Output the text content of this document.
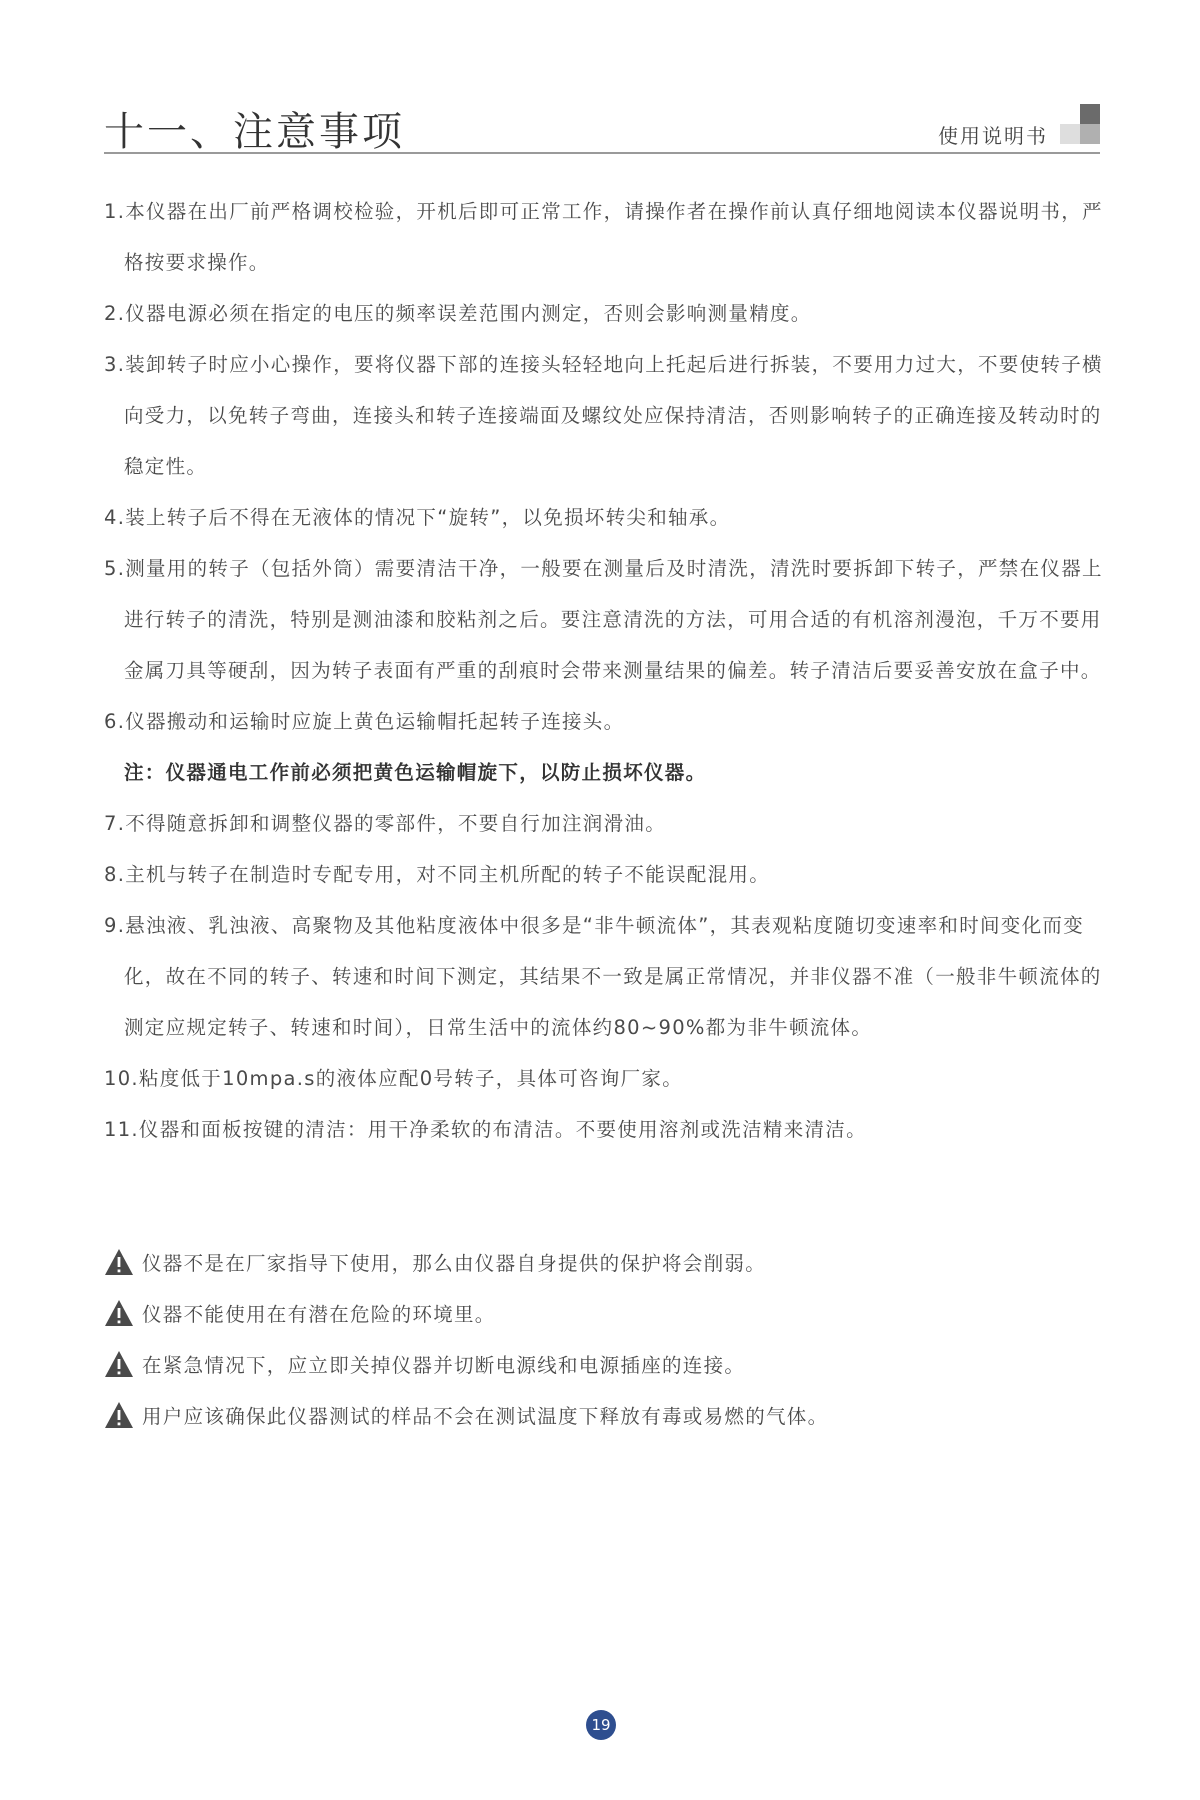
十一、注意事项	使用说明书
1.本仪器在出厂前严格调校检验，开机后即可正常工作，请操作者在操作前认真仔细地阅读本仪器说明书，严格按要求操作。
2.仪器电源必须在指定的电压的频率误差范围内测定，否则会影响测量精度。
3.装卸转子时应小心操作，要将仪器下部的连接头轻轻地向上托起后进行拆装，不要用力过大，不要使转子横向受力，以免转子弯曲，连接头和转子连接端面及螺纹处应保持清洁，否则影响转子的正确连接及转动时的稳定性。
4.装上转子后不得在无液体的情况下“旋转”，以免损坏转尖和轴承。
5.测量用的转子（包括外筒）需要清洁干净，一般要在测量后及时清洗，清洗时要拆卸下转子，严禁在仪器上进行转子的清洗，特别是测油漆和胶粘剂之后。要注意清洗的方法，可用合适的有机溶剂漫泡，千万不要用金属刀具等硬刮，因为转子表面有严重的刮痕时会带来测量结果的偏差。转子清洁后要妥善安放在盒子中。
6.仪器搬动和运输时应旋上黄色运输帽托起转子连接头。
注：仪器通电工作前必须把黄色运输帽旋下，以防止损坏仪器。
7.不得随意拆卸和调整仪器的零部件，不要自行加注润滑油。
8.主机与转子在制造时专配专用，对不同主机所配的转子不能误配混用。
9.悬浊液、乳浊液、高聚物及其他粘度液体中很多是“非牛顿流体”，其表观粘度随切变速率和时间变化而变化，故在不同的转子、转速和时间下测定，其结果不一致是属正常情况，并非仪器不准（一般非牛顿流体的测定应规定转子、转速和时间），日常生活中的流体约80~90%都为非牛顿流体。
10.粘度低于10mpa.s的液体应配0号转子，具体可咨询厂家。
11.仪器和面板按键的清洁：用干净柔软的布清洁。不要使用溶剂或洗洁精来清洁。
仪器不是在厂家指导下使用，那么由仪器自身提供的保护将会削弱。
仪器不能使用在有潜在危险的环境里。
在紧急情况下，应立即关掉仪器并切断电源线和电源插座的连接。
用户应该确保此仪器测试的样品不会在测试温度下释放有毒或易燃的气体。
19
